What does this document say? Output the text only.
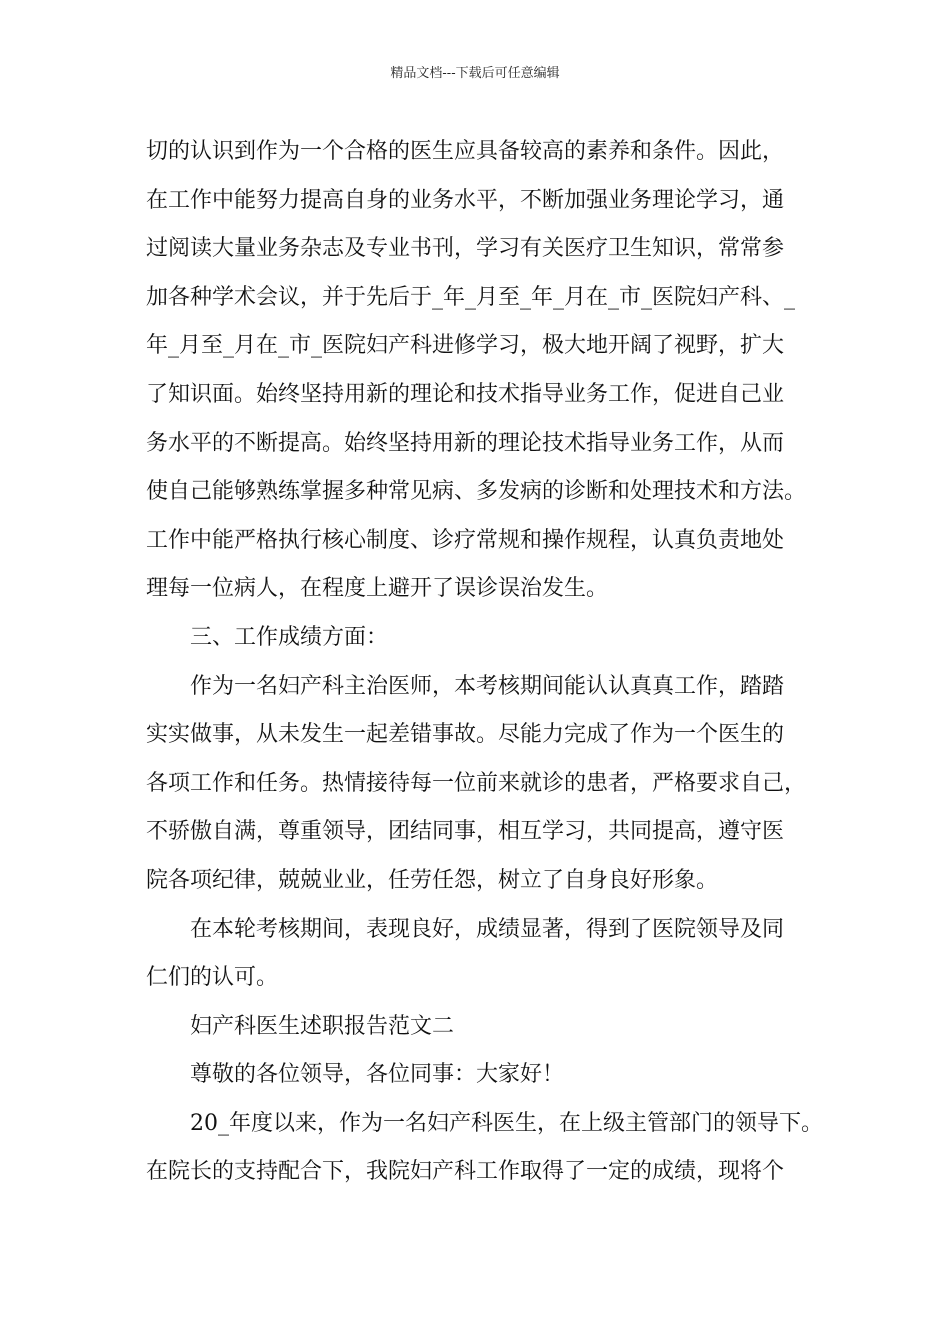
精品文档---下载后可任意编辑
切的认识到作为一个合格的医生应具备较高的素养和条件。因此，
在工作中能努力提高自身的业务水平，不断加强业务理论学习，通
过阅读大量业务杂志及专业书刊，学习有关医疗卫生知识，常常参
加各种学术会议，并于先后于_年_月至_年_月在_市_医院妇产科、_
年_月至_月在_市_医院妇产科进修学习，极大地开阔了视野，扩大
了知识面。始终坚持用新的理论和技术指导业务工作，促进自己业
务水平的不断提高。始终坚持用新的理论技术指导业务工作，从而
使自己能够熟练掌握多种常见病、多发病的诊断和处理技术和方法。
工作中能严格执行核心制度、诊疗常规和操作规程，认真负责地处
理每一位病人，在程度上避开了误诊误治发生。
三、工作成绩方面：
作为一名妇产科主治医师，本考核期间能认认真真工作，踏踏
实实做事，从未发生一起差错事故。尽能力完成了作为一个医生的
各项工作和任务。热情接待每一位前来就诊的患者，严格要求自己，
不骄傲自满，尊重领导，团结同事，相互学习，共同提高，遵守医
院各项纪律，兢兢业业，任劳任怨，树立了自身良好形象。
在本轮考核期间，表现良好，成绩显著，得到了医院领导及同
仁们的认可。
妇产科医生述职报告范文二
尊敬的各位领导，各位同事：大家好！
20_年度以来，作为一名妇产科医生，在上级主管部门的领导下。
在院长的支持配合下，我院妇产科工作取得了一定的成绩，现将个
